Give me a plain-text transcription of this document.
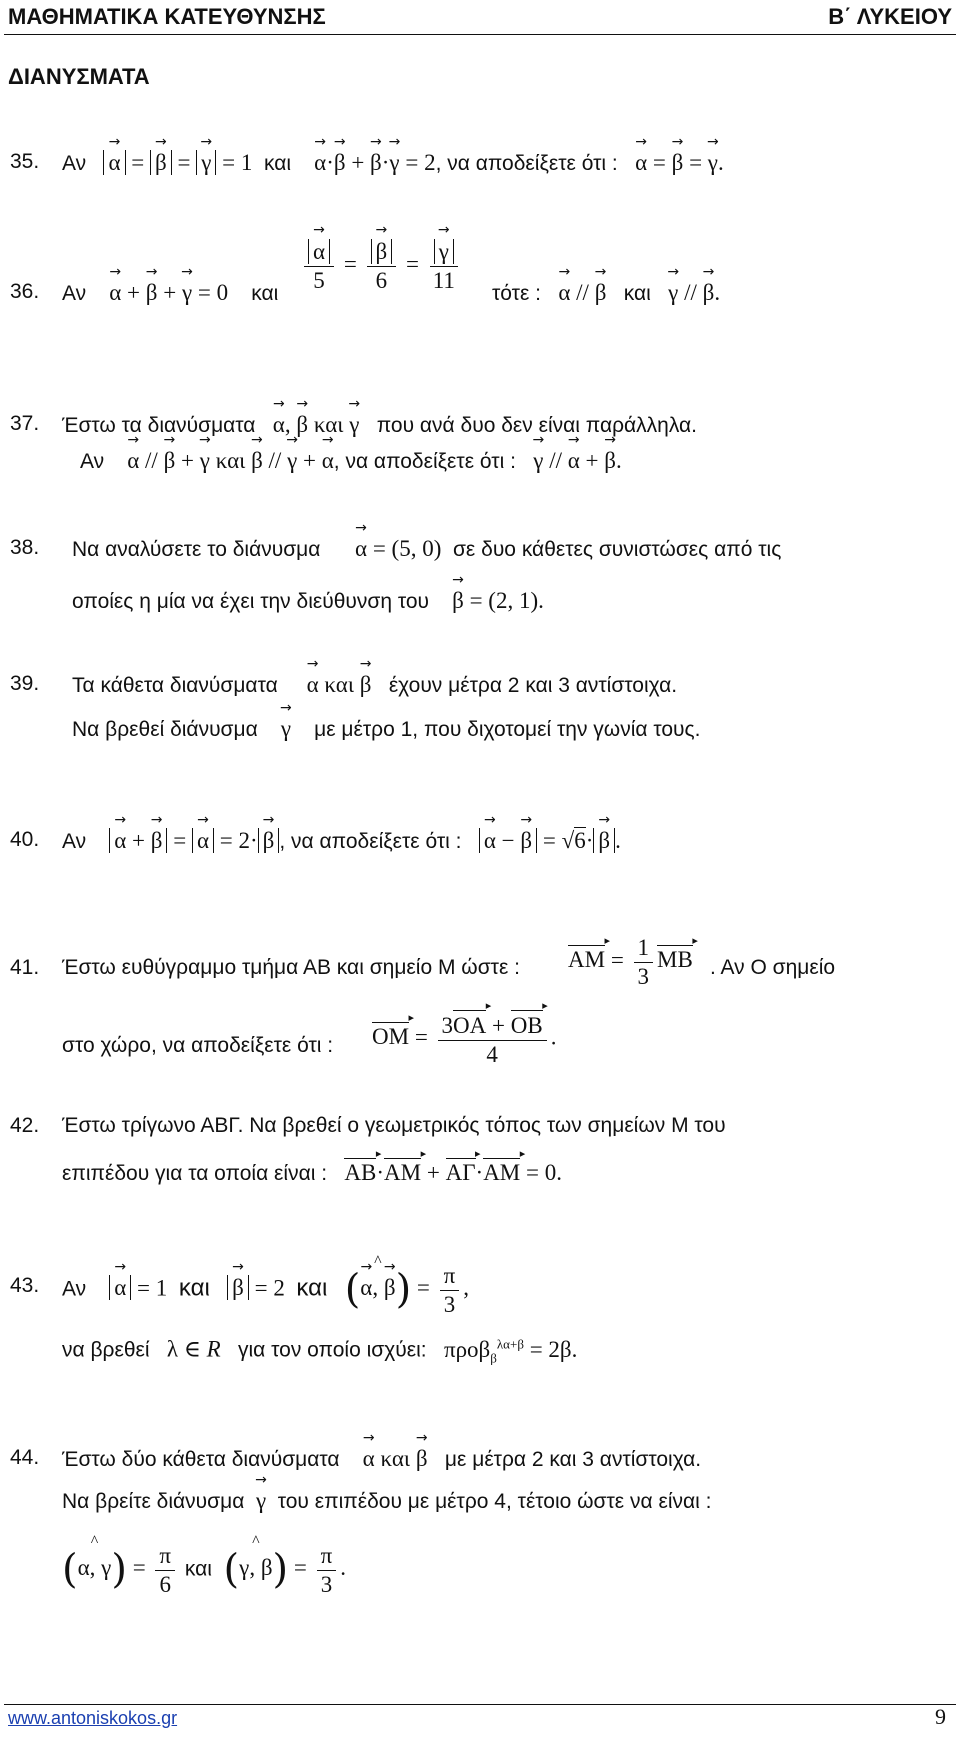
ΜΑΘΗΜΑΤΙΚΑ ΚΑΤΕΥΘΥΝΣΗΣ	Β΄ ΛΥΚΕΙΟΥ
ΔΙΑΝΥΣΜΑΤΑ
35. Αν α → = β → = γ → = 1  και α →·β → + β →·γ → = 2, να αποδείξετε ότι : α → = β → = γ →.
36. Αν α → + β → + γ → = 0    και $\frac{\alpha \to}{5} = \frac{\beta \to}{6} = \frac{\gamma \to}{11}$ τότε : α → // β → και γ → // β →.
37. Έστω τα διανύσματα α →, β → και γ → που ανά δυο δεν είναι παράλληλα.
Αν α → // β → + γ → και β → // γ → + α →, να αποδείξετε ότι : γ → // α → + β →.
38. Να αναλύσετε το διάνυσμα α → = (5, 0)  σε δυο κάθετες συνιστώσες από τις
οποίες η μία να έχει την διεύθυνση του β → = (2, 1).
39. Τα κάθετα διανύσματα α → και β → έχουν μέτρα 2 και 3 αντίστοιχα.
Να βρεθεί διάνυσμα γ → με μέτρο 1, που διχοτομεί την γωνία τους.
40. Αν α → + β → = α → = 2· β → , να αποδείξετε ότι : α → − β → = √6· β → .
41. Έστω ευθύγραμμο τμήμα ΑΒ και σημείο Μ ώστε : AM ▸ = $\frac{1}{3}$ MB ▸ . Αν Ο σημείο
στο χώρο, να αποδείξετε ότι : OM ▸ = $\frac{3OA ▸ + OB ▸}{4}$ .
42. Έστω τρίγωνο ΑΒΓ. Να βρεθεί ο γεωμετρικός τόπος των σημείων Μ του
επιπέδου για τα οποία είναι : AB ▸·AM ▸ + AΓ ▸·AM ▸ = 0.
43. Αν α → = 1  και β → = 2  και (^ α →, β →) = $\frac{\pi}{3}$ ,
να βρεθεί   λ ∈ R για τον οποίο ισχύει:   προβ$_\beta^{\lambda\alpha+\beta}$ = 2β.
44. Έστω δύο κάθετα διανύσματα α → και β → με μέτρα 2 και 3 αντίστοιχα.
Να βρείτε διάνυσμα γ → του επιπέδου με μέτρο 4, τέτοιο ώστε να είναι :
(^ α, $\gamma) = \frac{\pi}{6}$ και (^ γ, $\beta) = \frac{\pi}{3}$ .
www.antoniskokos.gr	9
